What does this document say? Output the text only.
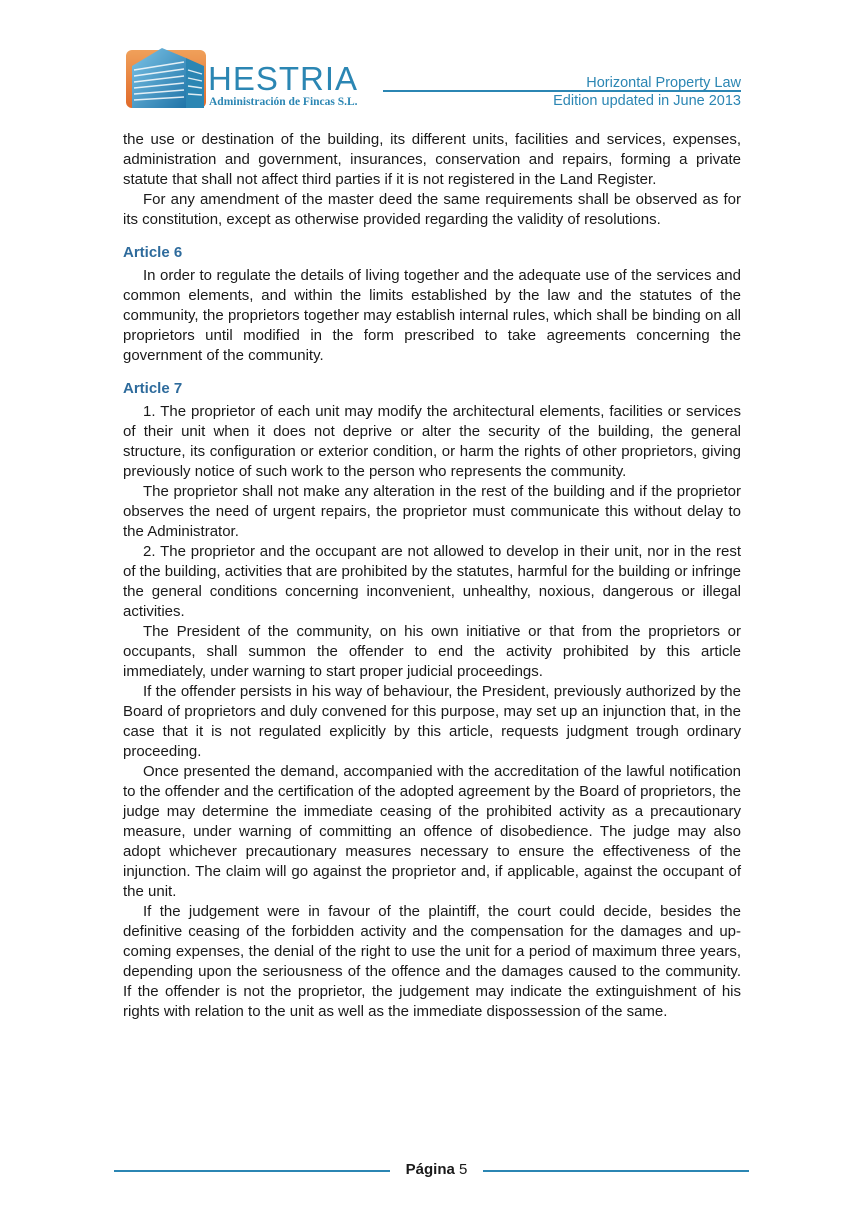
HESTRIA

Administración de Fincas S.L.

Horizontal Property Law
Edition updated in June 2013

the use or destination of the building, its different units, facilities and services, expenses, administration and government, insurances, conservation and repairs, forming a private statute that shall not affect third parties if it is not registered in the Land Register.

For any amendment of the master deed the same requirements shall be observed as for its constitution, except as otherwise provided regarding the validity of resolutions.

Article 6

In order to regulate the details of living together and the adequate use of the services and common elements, and within the limits established by the law and the statutes of the community, the proprietors together may establish internal rules, which shall be binding on all proprietors until modified in the form prescribed to take agreements concerning the government of the community.

Article 7

1. The proprietor of each unit may modify the architectural elements, facilities or services of their unit when it does not deprive or alter the security of the building, the general structure, its configuration or exterior condition, or harm the rights of other proprietors, giving previously notice of such work to the person who represents the community.

The proprietor shall not make any alteration in the rest of the building and if the proprietor observes the need of urgent repairs, the proprietor must communicate this without delay to the Administrator.

2. The proprietor and the occupant are not allowed to develop in their unit, nor in the rest of the building, activities that are prohibited by the statutes, harmful for the building or infringe the general conditions concerning inconvenient, unhealthy, noxious, dangerous or illegal activities.

The President of the community, on his own initiative or that from the proprietors or occupants, shall summon the offender to end the activity prohibited by this article immediately, under warning to start proper judicial proceedings.

If the offender persists in his way of behaviour, the President, previously authorized by the Board of proprietors and duly convened for this purpose, may set up an injunction that, in the case that it is not regulated explicitly by this article, requests judgment trough ordinary proceeding.

Once presented the demand, accompanied with the accreditation of the lawful notification to the offender and the certification of the adopted agreement by the Board of proprietors, the judge may determine the immediate ceasing of the prohibited activity as a precautionary measure, under warning of committing an offence of disobedience. The judge may also adopt whichever precautionary measures necessary to ensure the effectiveness of the injunction. The claim will go against the proprietor and, if applicable, against the occupant of the unit.

If the judgement were in favour of the plaintiff, the court could decide, besides the definitive ceasing of the forbidden activity and the compensation for the damages and up-coming expenses, the denial of the right to use the unit for a period of maximum three years, depending upon the seriousness of the offence and the damages caused to the community. If the offender is not the proprietor, the judgement may indicate the extinguishment of his rights with relation to the unit as well as the immediate dispossession of the same.

Página 5
